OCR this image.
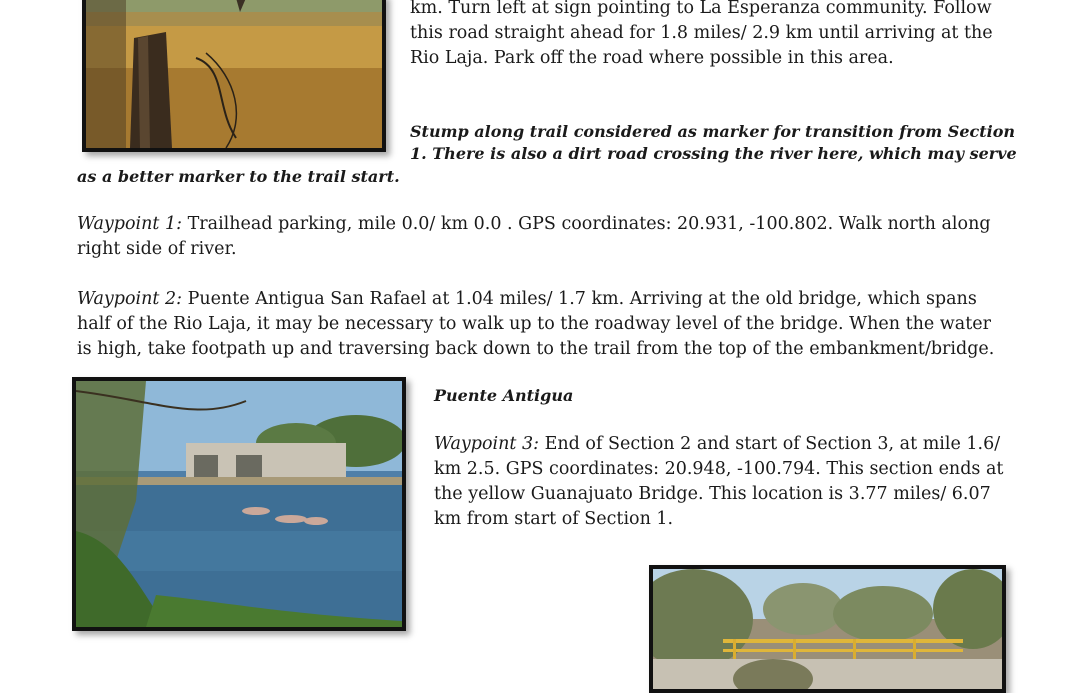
km. Turn left at sign pointing to La Esperanza community. Follow

this road straight ahead for 1.8 miles/ 2.9 km until arriving at the

Rio Laja. Park off the road where possible in this area.

Stump along trail considered as marker for transition from Section

1. There is also a dirt road crossing the river here, which may serve

as a better marker to the trail start.

Waypoint 1: Trailhead parking, mile 0.0/ km 0.0 . GPS coordinates: 20.931, -100.802. Walk north along

right side of river.

Waypoint 2: Puente Antigua San Rafael at 1.04 miles/ 1.7 km. Arriving at the old bridge, which spans

half of the Rio Laja, it may be necessary to walk up to the roadway level of the bridge. When the water

is high, take footpath up and traversing back down to the trail from the top of the embankment/bridge.

Puente Antigua

Waypoint 3: End of Section 2 and start of Section 3, at mile 1.6/

km 2.5. GPS coordinates: 20.948, -100.794. This section ends at

the yellow Guanajuato Bridge. This location is 3.77 miles/ 6.07

km from start of Section 1.
